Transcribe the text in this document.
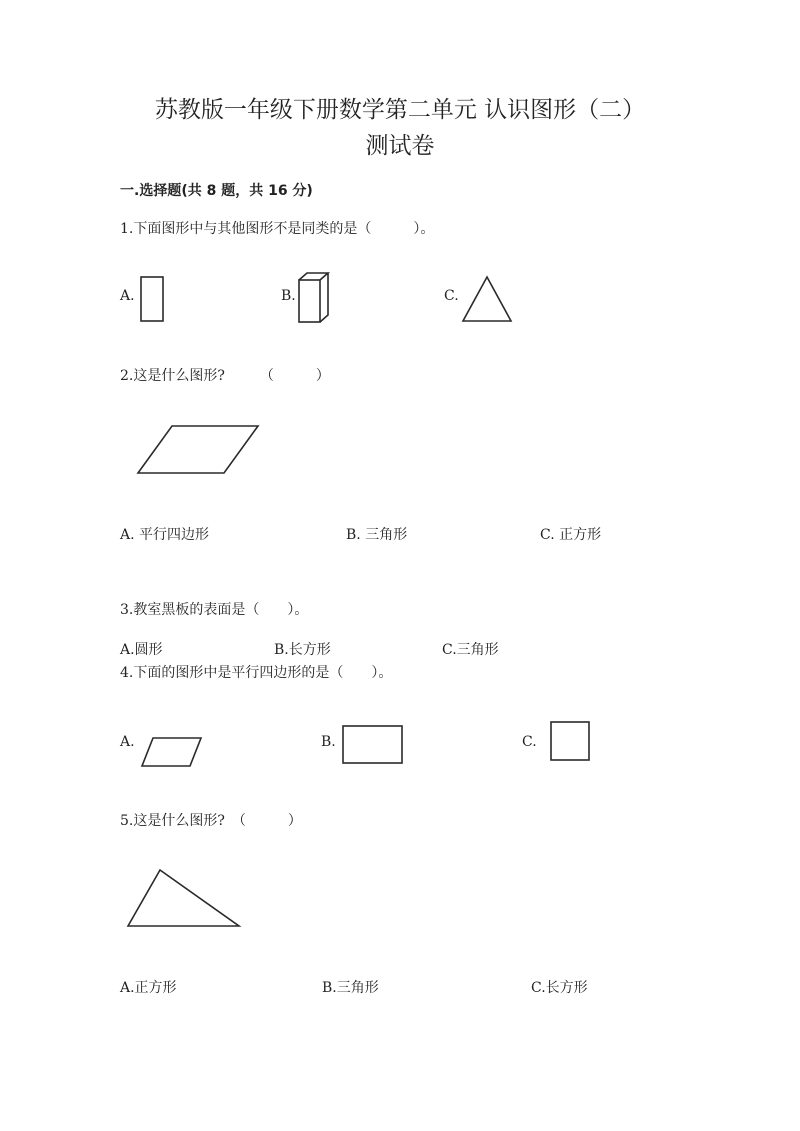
苏教版一年级下册数学第二单元 认识图形（二）
测试卷
一.选择题(共 8 题，共 16 分)
1.下面图形中与其他图形不是同类的是（　　　）。
A.	B.	C.
2.这是什么图形?　　　（　　　）
A. 平行四边形	B. 三角形	C. 正方形
3.教室黑板的表面是（　　）。
A.圆形	B.长方形	C.三角形
4.下面的图形中是平行四边形的是（　　）。
A.	B.	C.
5.这是什么图形?　（　　　）
A.正方形	B.三角形	C.长方形
